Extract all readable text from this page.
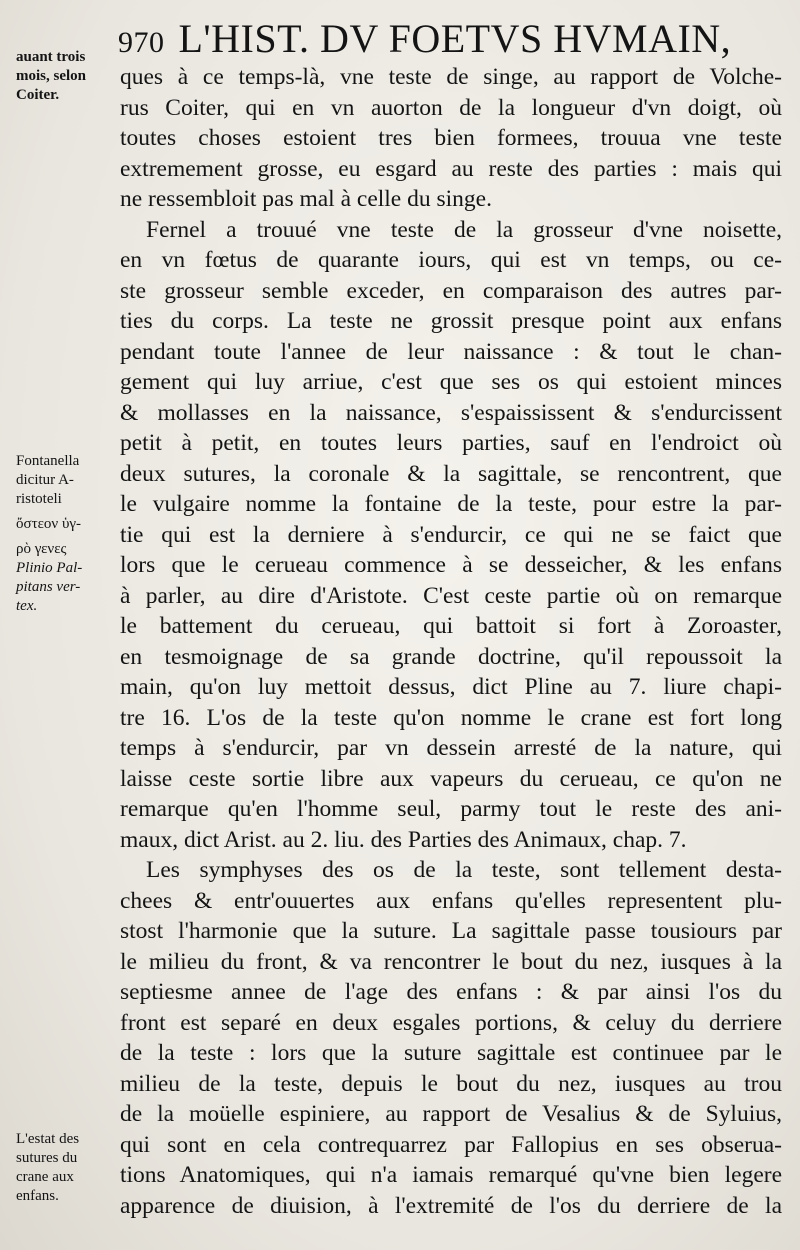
970 L'HIST. DV FOETVS HVMAIN,
auant trois
mois, selon
Coiter.
Fontanella
dicitur A-
ristoteli
ὄστεον ὑγ-
ρὸ γενες
Plinio Pal-
pitans ver-
tex.
L'estat des
sutures du
crane aux
enfans.
ques à ce temps-là, vne teste de singe, au rapport de Volche-
rus Coiter, qui en vn auorton de la longueur d'vn doigt, où
toutes choses estoient tres bien formees, trouua vne teste
extremement grosse, eu esgard au reste des parties : mais qui
ne ressembloit pas mal à celle du singe.
Fernel a trouué vne teste de la grosseur d'vne noisette,
en vn fœtus de quarante iours, qui est vn temps, ou ce-
ste grosseur semble exceder, en comparaison des autres par-
ties du corps. La teste ne grossit presque point aux enfans
pendant toute l'annee de leur naissance : & tout le chan-
gement qui luy arriue, c'est que ses os qui estoient minces
& mollasses en la naissance, s'espaississent & s'endurcissent
petit à petit, en toutes leurs parties, sauf en l'endroict où
deux sutures, la coronale & la sagittale, se rencontrent, que
le vulgaire nomme la fontaine de la teste, pour estre la par-
tie qui est la derniere à s'endurcir, ce qui ne se faict que
lors que le cerueau commence à se desseicher, & les enfans
à parler, au dire d'Aristote. C'est ceste partie où on remarque
le battement du cerueau, qui battoit si fort à Zoroaster,
en tesmoignage de sa grande doctrine, qu'il repoussoit la
main, qu'on luy mettoit dessus, dict Pline au 7. liure chapi-
tre 16. L'os de la teste qu'on nomme le crane est fort long
temps à s'endurcir, par vn dessein arresté de la nature, qui
laisse ceste sortie libre aux vapeurs du cerueau, ce qu'on ne
remarque qu'en l'homme seul, parmy tout le reste des ani-
maux, dict Arist. au 2. liu. des Parties des Animaux, chap. 7.
Les symphyses des os de la teste, sont tellement desta-
chees & entr'ouuertes aux enfans qu'elles representent plu-
stost l'harmonie que la suture. La sagittale passe tousiours par
le milieu du front, & va rencontrer le bout du nez, iusques à la
septiesme annee de l'age des enfans : & par ainsi l'os du
front est separé en deux esgales portions, & celuy du derriere
de la teste : lors que la suture sagittale est continuee par le
milieu de la teste, depuis le bout du nez, iusques au trou
de la moüelle espiniere, au rapport de Vesalius & de Syluius,
qui sont en cela contrequarrez par Fallopius en ses obserua-
tions Anatomiques, qui n'a iamais remarqué qu'vne bien legere
apparence de diuision, à l'extremité de l'os du derriere de la
